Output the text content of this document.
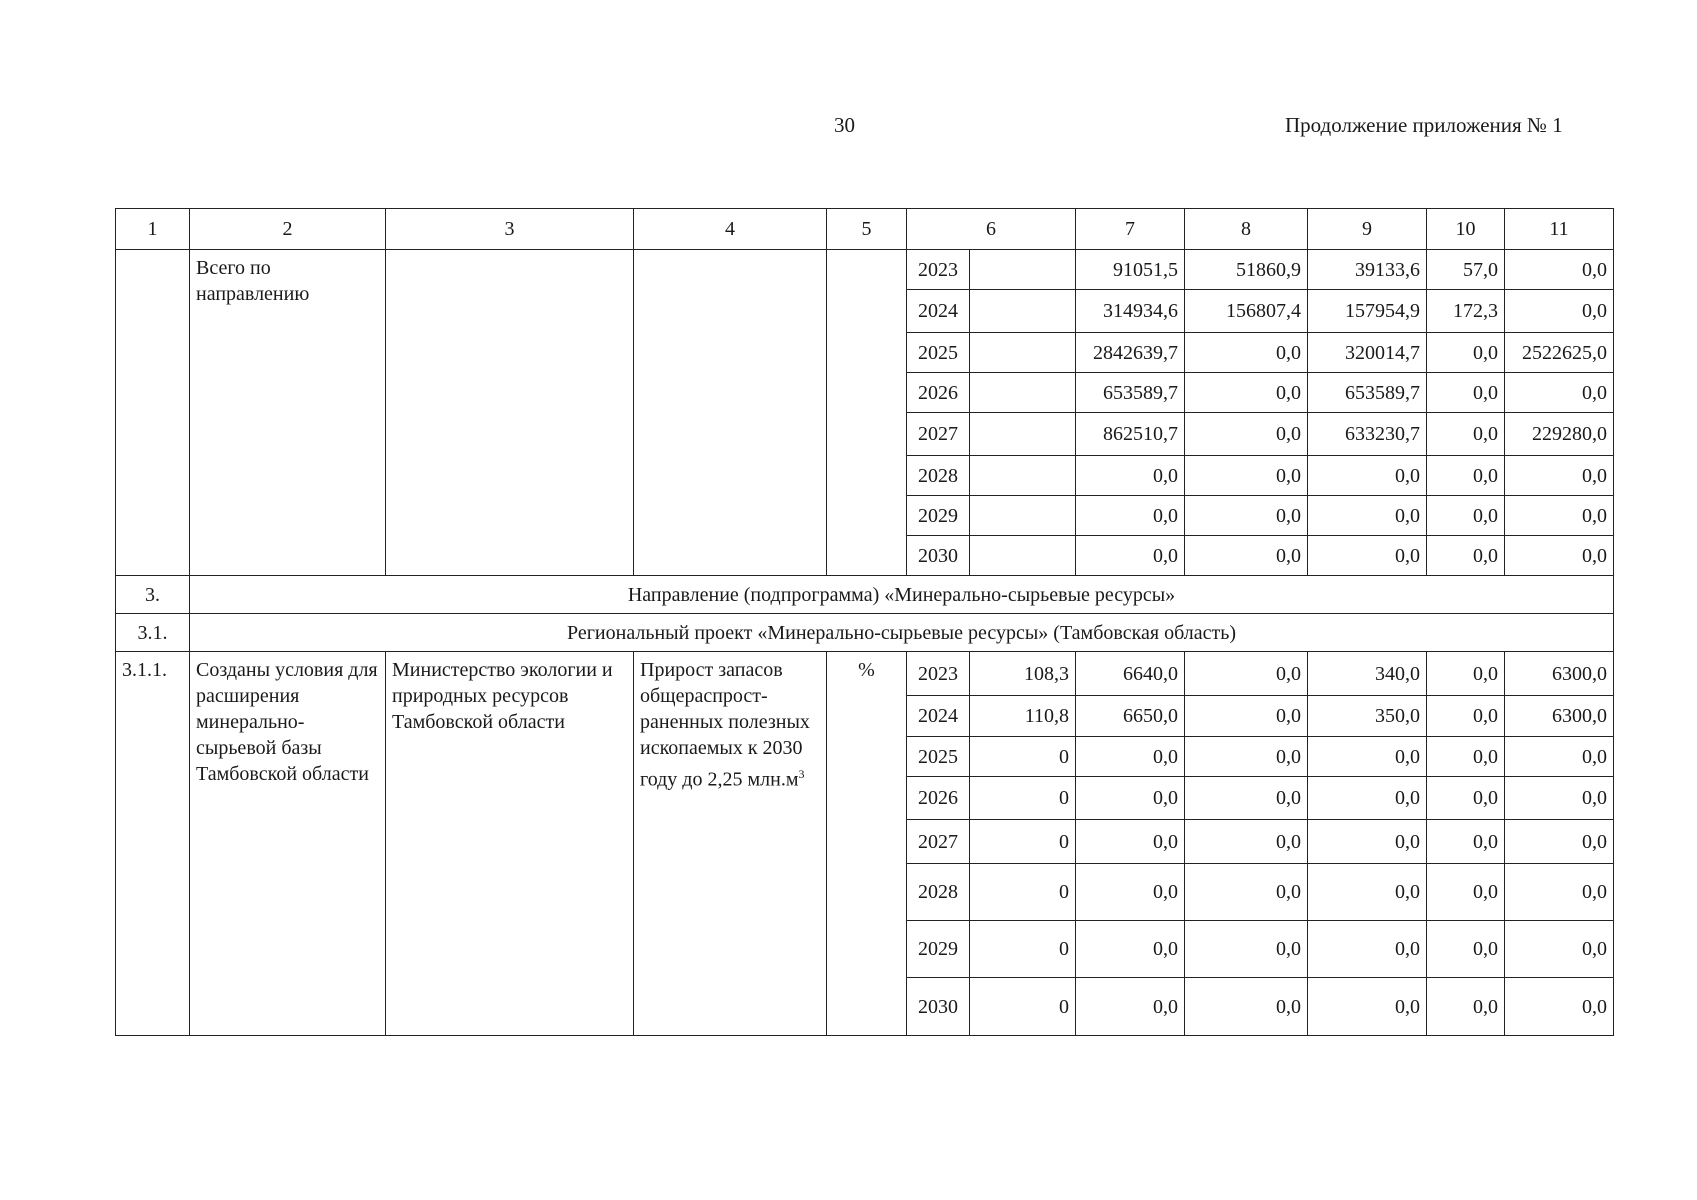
30	Продолжение приложения № 1
1	2	3	4	5	6		7	8	9	10	11
	Всего по направлению				2023		91051,5	51860,9	39133,6	57,0	0,0
					2024		314934,6	156807,4	157954,9	172,3	0,0
					2025		2842639,7	0,0	320014,7	0,0	2522625,0
					2026		653589,7	0,0	653589,7	0,0	0,0
					2027		862510,7	0,0	633230,7	0,0	229280,0
					2028		0,0	0,0	0,0	0,0	0,0
					2029		0,0	0,0	0,0	0,0	0,0
					2030		0,0	0,0	0,0	0,0	0,0
3.	Направление (подпрограмма) «Минерально-сырьевые ресурсы»										
3.1.	Региональный проект «Минерально-сырьевые ресурсы» (Тамбовская область)										
3.1.1.	Созданы условия для расширения минерально-сырьевой базы Тамбовской области	Министерство экологии и природных ресурсов Тамбовской области	Прирост запасов общераспрост-раненных полезных ископаемых к 2030 году до 2,25 $млн.м^3$	%	2023	108,3	6640,0	0,0	340,0	0,0	6300,0
					2024	110,8	6650,0	0,0	350,0	0,0	6300,0
					2025	0	0,0	0,0	0,0	0,0	0,0
					2026	0	0,0	0,0	0,0	0,0	0,0
					2027	0	0,0	0,0	0,0	0,0	0,0
					2028	0	0,0	0,0	0,0	0,0	0,0
					2029	0	0,0	0,0	0,0	0,0	0,0
					2030	0	0,0	0,0	0,0	0,0	0,0
